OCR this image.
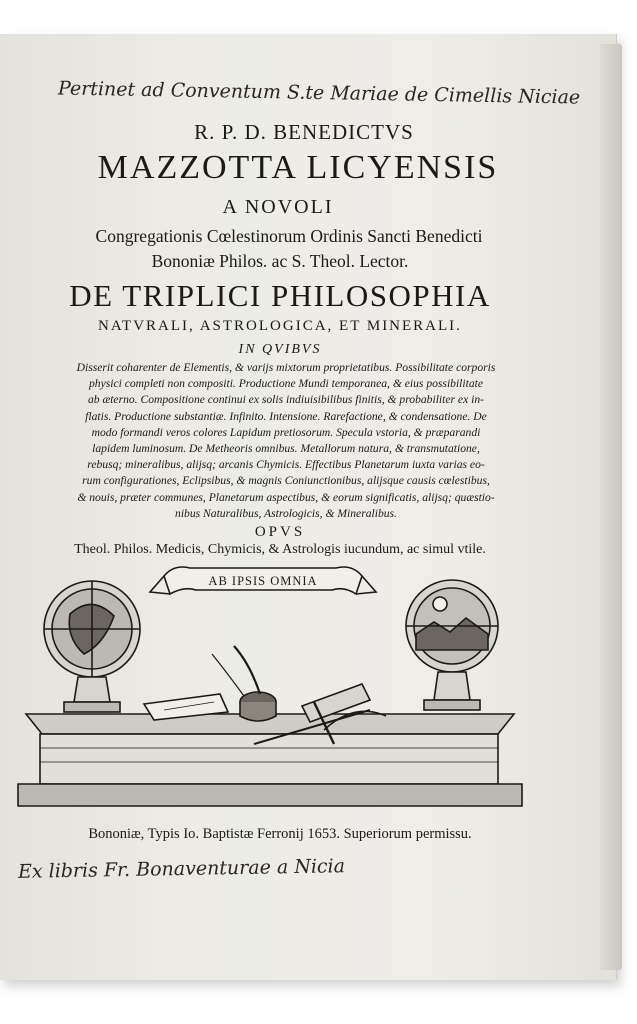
Pertinet ad Conventum S.te Mariae de Cimellis Niciae
R. P. D. BENEDICTVS
MAZZOTTA LICYENSIS
A NOVOLI
Congregationis Cœlestinorum Ordinis Sancti Benedicti
Bononiæ Philos. ac S. Theol. Lector.
DE TRIPLICI PHILOSOPHIA
NATVRALI, ASTROLOGICA, ET MINERALI.
IN QVIBVS
Disserit coharenter de Elementis, & varijs mixtorum proprietatibus. Possibilitate corporis
physici completi non compositi. Productione Mundi temporanea, & eius possibilitate
ab æterno. Compositione continui ex solis indiuisibilibus finitis, & probabiliter ex in-
flatis. Productione substantiæ. Infinito. Intensione. Rarefactione, & condensatione. De
modo formandi veros colores Lapidum pretiosorum. Specula vstoria, & præparandi
lapidem luminosum. De Metheoris omnibus. Metallorum natura, & transmutatione,
rebusq; mineralibus, alijsq; arcanis Chymicis. Effectibus Planetarum iuxta varias eo-
rum configurationes, Eclipsibus, & magnis Coniunctionibus, alijsque causis cœlestibus,
& nouis, præter communes, Planetarum aspectibus, & eorum significatis, alijsq; quæstio-
nibus Naturalibus, Astrologicis, & Mineralibus.
OPVS
Theol. Philos. Medicis, Chymicis, & Astrologis iucundum, ac simul vtile.
AB IPSIS OMNIA
Bononiæ, Typis Io. Baptistæ Ferronij 1653. Superiorum permissu.
Ex libris Fr. Bonaventurae a Nicia
